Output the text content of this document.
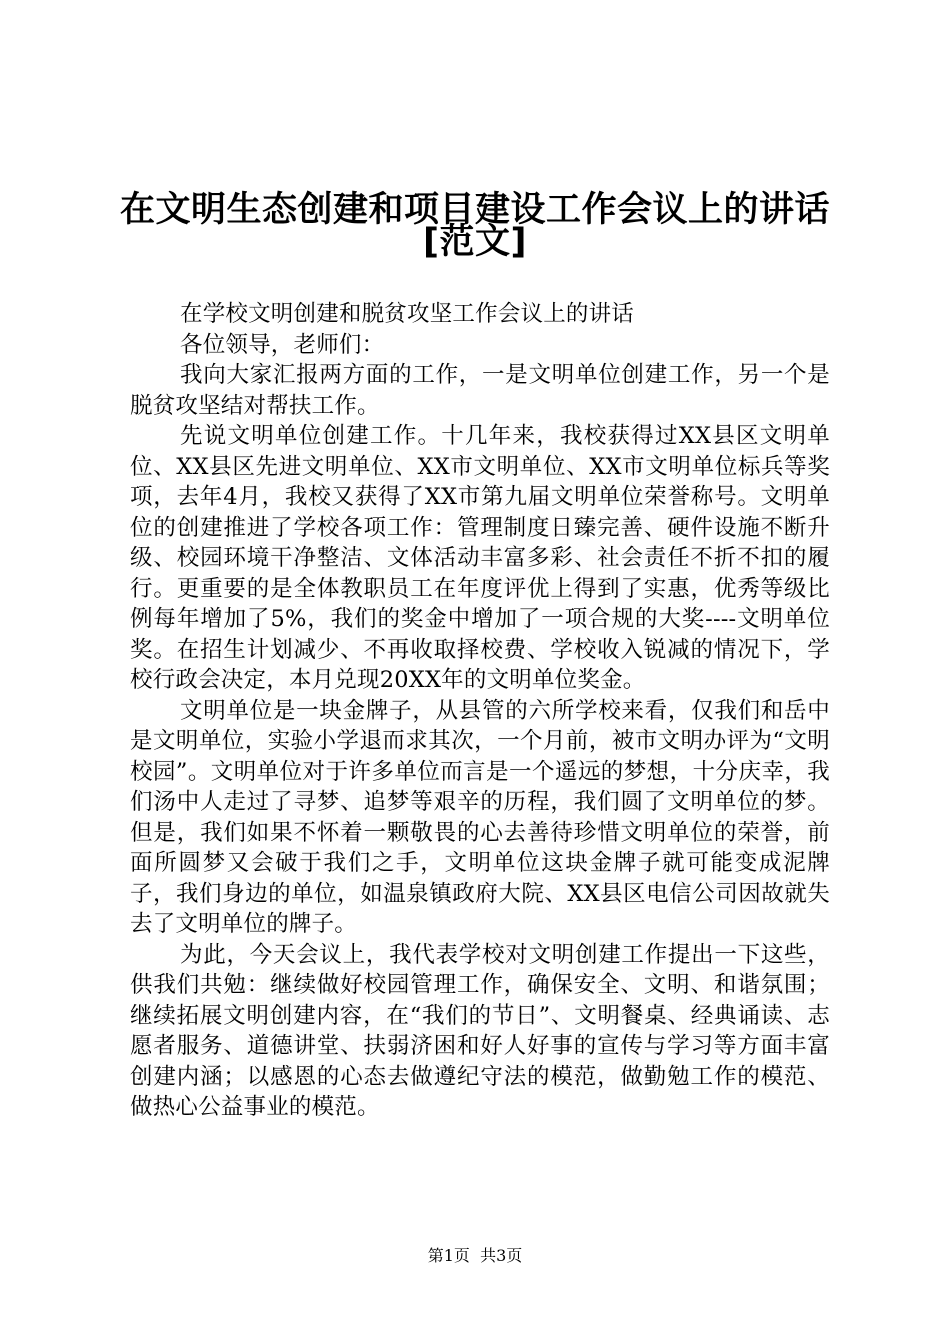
在文明生态创建和项目建设工作会议上的讲话
[范文]

在学校文明创建和脱贫攻坚工作会议上的讲话

各位领导，老师们：

我向大家汇报两方面的工作，一是文明单位创建工作，另一个是脱贫攻坚结对帮扶工作。

先说文明单位创建工作。十几年来，我校获得过XX县区文明单位、XX县区先进文明单位、XX市文明单位、XX市文明单位标兵等奖项，去年4月，我校又获得了XX市第九届文明单位荣誉称号。文明单位的创建推进了学校各项工作：管理制度日臻完善、硬件设施不断升级、校园环境干净整洁、文体活动丰富多彩、社会责任不折不扣的履行。更重要的是全体教职员工在年度评优上得到了实惠，优秀等级比例每年增加了5%，我们的奖金中增加了一项合规的大奖----文明单位奖。在招生计划减少、不再收取择校费、学校收入锐减的情况下，学校行政会决定，本月兑现20XX年的文明单位奖金。

文明单位是一块金牌子，从县管的六所学校来看，仅我们和岳中是文明单位，实验小学退而求其次，一个月前，被市文明办评为“文明校园”。文明单位对于许多单位而言是一个遥远的梦想，十分庆幸，我们汤中人走过了寻梦、追梦等艰辛的历程，我们圆了文明单位的梦。但是，我们如果不怀着一颗敬畏的心去善待珍惜文明单位的荣誉，前面所圆梦又会破于我们之手，文明单位这块金牌子就可能变成泥牌子，我们身边的单位，如温泉镇政府大院、XX县区电信公司因故就失去了文明单位的牌子。

为此，今天会议上，我代表学校对文明创建工作提出一下这些，供我们共勉：继续做好校园管理工作，确保安全、文明、和谐氛围；继续拓展文明创建内容，在“我们的节日”、文明餐桌、经典诵读、志愿者服务、道德讲堂、扶弱济困和好人好事的宣传与学习等方面丰富创建内涵；以感恩的心态去做遵纪守法的模范，做勤勉工作的模范、做热心公益事业的模范。

第1页 共3页
